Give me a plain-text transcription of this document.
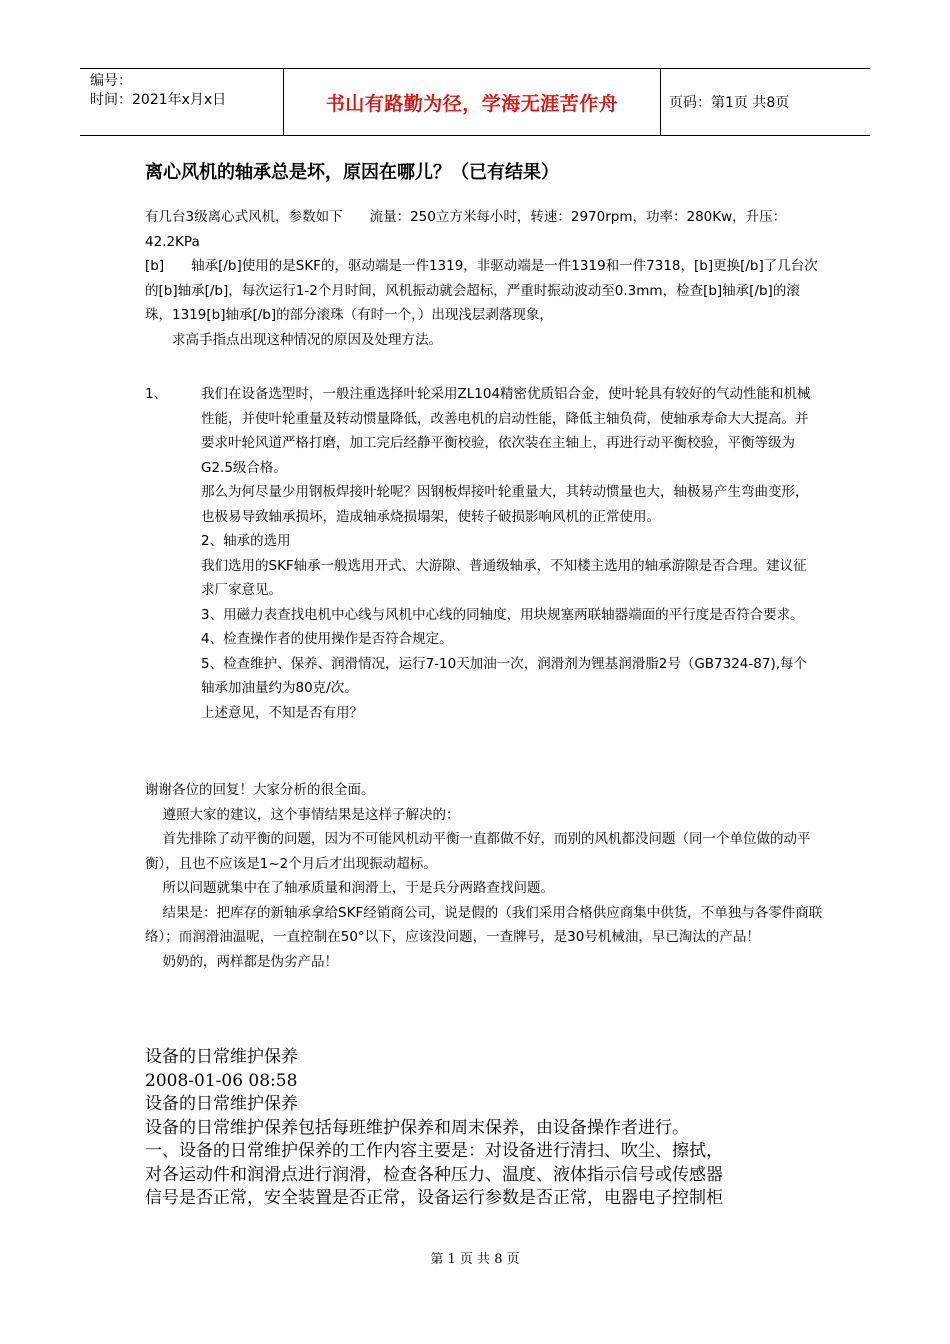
编号：
时间：2021年x月x日	书山有路勤为径，学海无涯苦作舟	页码：第1页 共8页
离心风机的轴承总是坏，原因在哪儿？（已有结果）

有几台3级离心式风机，参数如下　　流量：250立方米每小时，转速：2970rpm，功率：280Kw，升压：42.2KPa

[b]　　轴承[/b]使用的是SKF的，驱动端是一件1319，非驱动端是一件1319和一件7318，[b]更换[/b]了几台次的[b]轴承[/b]，每次运行1-2个月时间，风机振动就会超标，严重时振动波动至0.3mm，检查[b]轴承[/b]的滚珠，1319[b]轴承[/b]的部分滚珠（有时一个，）出现浅层剥落现象，

　　求高手指点出现这种情况的原因及处理方法。

1、	我们在设备选型时，一般注重选择叶轮采用ZL104精密优质铝合金，使叶轮具有较好的气动性能和机械性能，并使叶轮重量及转动惯量降低，改善电机的启动性能，降低主轴负荷，使轴承寿命大大提高。并要求叶轮风道严格打磨，加工完后经静平衡校验，依次装在主轴上，再进行动平衡校验，平衡等级为G2.5级合格。

那么为何尽量少用钢板焊接叶轮呢？因钢板焊接叶轮重量大，其转动惯量也大，轴极易产生弯曲变形，也极易导致轴承损坏，造成轴承烧损塌架，使转子破损影响风机的正常使用。

2、轴承的选用

我们选用的SKF轴承一般选用开式、大游隙、普通级轴承，不知楼主选用的轴承游隙是否合理。建议征求厂家意见。

3、用磁力表查找电机中心线与风机中心线的同轴度，用块规塞两联轴器端面的平行度是否符合要求。

4、检查操作者的使用操作是否符合规定。

5、检查维护、保养、润滑情况，运行7-10天加油一次，润滑剂为锂基润滑脂2号（GB7324-87),每个轴承加油量约为80克/次。

上述意见，不知是否有用？

谢谢各位的回复！大家分析的很全面。

遵照大家的建议，这个事情结果是这样子解决的：

首先排除了动平衡的问题，因为不可能风机动平衡一直都做不好，而别的风机都没问题（同一个单位做的动平衡），且也不应该是1~2个月后才出现振动超标。

所以问题就集中在了轴承质量和润滑上，于是兵分两路查找问题。

结果是：把库存的新轴承拿给SKF经销商公司，说是假的（我们采用合格供应商集中供货，不单独与各零件商联络）；而润滑油温呢，一直控制在50°以下，应该没问题，一查牌号，是30号机械油，早已淘汰的产品！

奶奶的，两样都是伪劣产品！

设备的日常维护保养

2008-01-06 08:58

设备的日常维护保养

设备的日常维护保养包括每班维护保养和周末保养，由设备操作者进行。

一、设备的日常维护保养的工作内容主要是：对设备进行清扫、吹尘、擦拭，

对各运动件和润滑点进行润滑，检查各种压力、温度、液体指示信号或传感器

信号是否正常，安全装置是否正常，设备运行参数是否正常，电器电子控制柜

第 1 页 共 8 页
